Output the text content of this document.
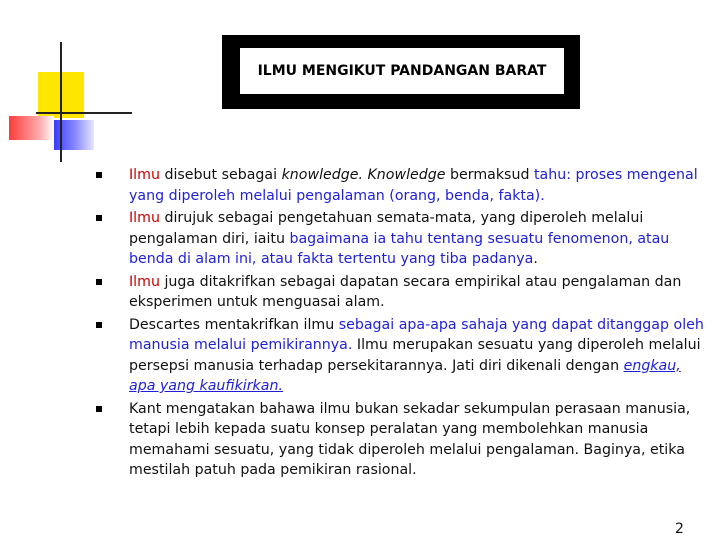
ILMU MENGIKUT PANDANGAN BARAT
Ilmu disebut sebagai knowledge. Knowledge bermaksud tahu: proses mengenal yang diperoleh melalui pengalaman (orang, benda, fakta).
Ilmu dirujuk sebagai pengetahuan semata-mata, yang diperoleh melalui pengalaman diri, iaitu bagaimana ia tahu tentang sesuatu fenomenon, atau benda di alam ini, atau fakta tertentu yang tiba padanya.
Ilmu juga ditakrifkan sebagai dapatan secara empirikal atau pengalaman dan eksperimen untuk menguasai alam.
Descartes mentakrifkan ilmu sebagai apa-apa sahaja yang dapat ditanggap oleh manusia melalui pemikirannya. Ilmu merupakan sesuatu yang diperoleh melalui persepsi manusia terhadap persekitarannya. Jati diri dikenali dengan engkau, apa yang kaufikirkan.
Kant mengatakan bahawa ilmu bukan sekadar sekumpulan perasaan manusia, tetapi lebih kepada suatu konsep peralatan yang membolehkan manusia memahami sesuatu, yang tidak diperoleh melalui pengalaman. Baginya, etika mestilah patuh pada pemikiran rasional.
2
